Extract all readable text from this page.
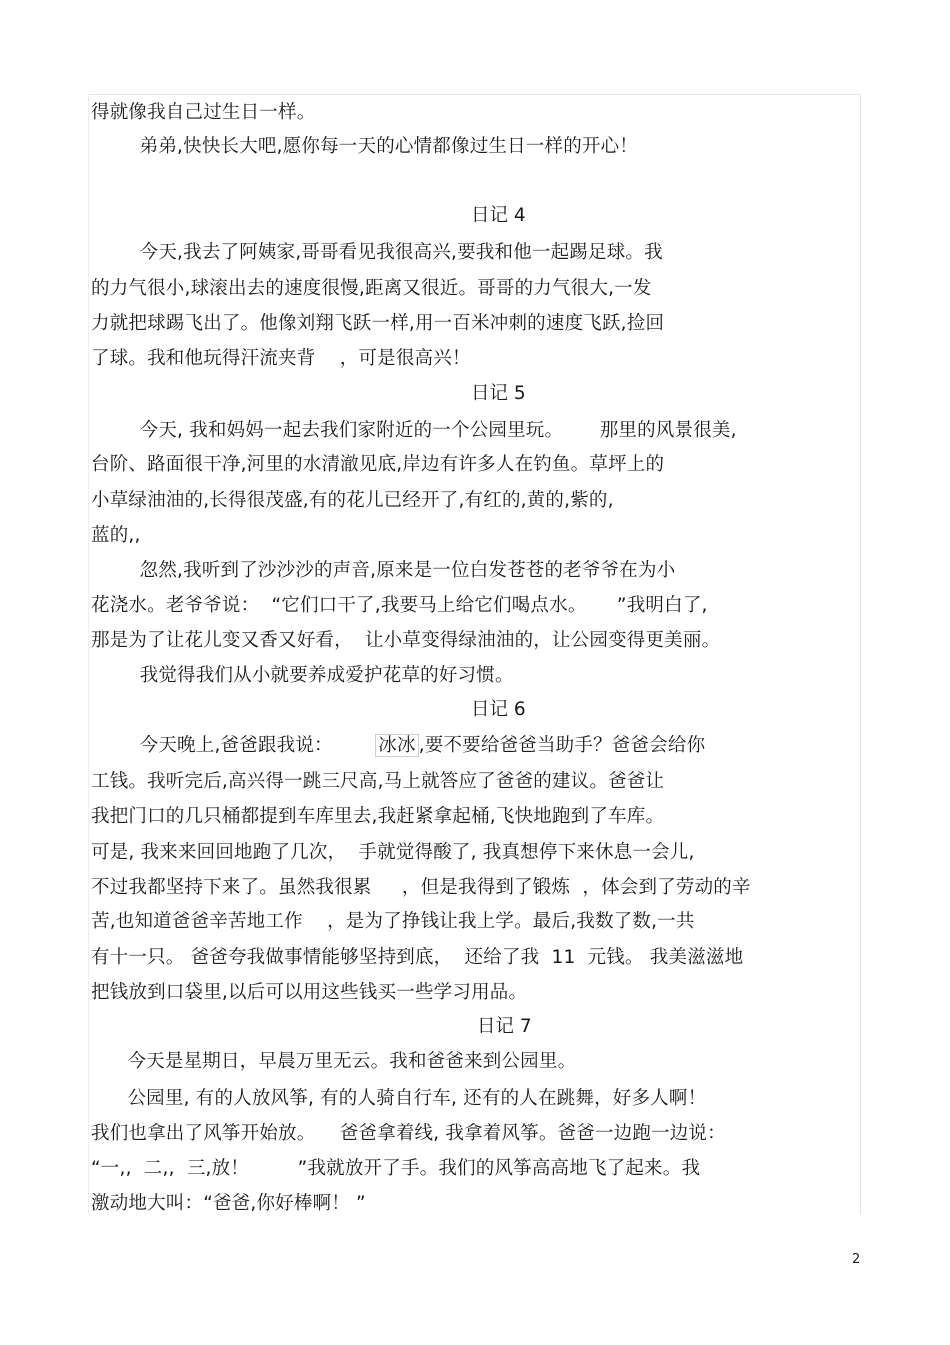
得就像我自己过生日一样。
弟弟,快快长大吧,愿你每一天的心情都像过生日一样的开心！
日记 4
今天,我去了阿姨家,哥哥看见我很高兴,要我和他一起踢足球。我
的力气很小,球滚出去的速度很慢,距离又很近。哥哥的力气很大,一发
力就把球踢飞出了。他像刘翔飞跃一样,用一百米冲刺的速度飞跃,捡回
了球。我和他玩得汗流夹背    ，可是很高兴！
日记 5
今天, 我和妈妈一起去我们家附近的一个公园里玩。      那里的风景很美,
台阶、路面很干净,河里的水清澈见底,岸边有许多人在钓鱼。草坪上的
小草绿油油的,长得很茂盛,有的花儿已经开了,有红的,黄的,紫的,
蓝的,,
忽然,我听到了沙沙沙的声音,原来是一位白发苍苍的老爷爷在为小
花浇水。老爷爷说：  “它们口干了,我要马上给它们喝点水。     ”我明白了,
那是为了让花儿变又香又好看，  让小草变得绿油油的，让公园变得更美丽。
我觉得我们从小就要养成爱护花草的好习惯。
日记 6
今天晚上,爸爸跟我说：       冰冰 ,要不要给爸爸当助手？爸爸会给你
工钱。我听完后,高兴得一跳三尺高,马上就答应了爸爸的建议。爸爸让
我把门口的几只桶都提到车库里去,我赶紧拿起桶,飞快地跑到了车库。
可是, 我来来回回地跑了几次，  手就觉得酸了, 我真想停下来休息一会儿,
不过我都坚持下来了。虽然我很累     ，但是我得到了锻炼  ，体会到了劳动的辛
苦,也知道爸爸辛苦地工作    ，是为了挣钱让我上学。最后,我数了数,一共
有十一只。 爸爸夸我做事情能够坚持到底，  还给了我  11  元钱。 我美滋滋地
把钱放到口袋里,以后可以用这些钱买一些学习用品。
日记 7
今天是星期日，早晨万里无云。我和爸爸来到公园里。
公园里, 有的人放风筝, 有的人骑自行车, 还有的人在跳舞，好多人啊！
我们也拿出了风筝开始放。    爸爸拿着线, 我拿着风筝。爸爸一边跑一边说：
“一,,  二,,  三,放！        ”我就放开了手。我们的风筝高高地飞了起来。我
激动地大叫：“爸爸,你好棒啊！ ”
2
